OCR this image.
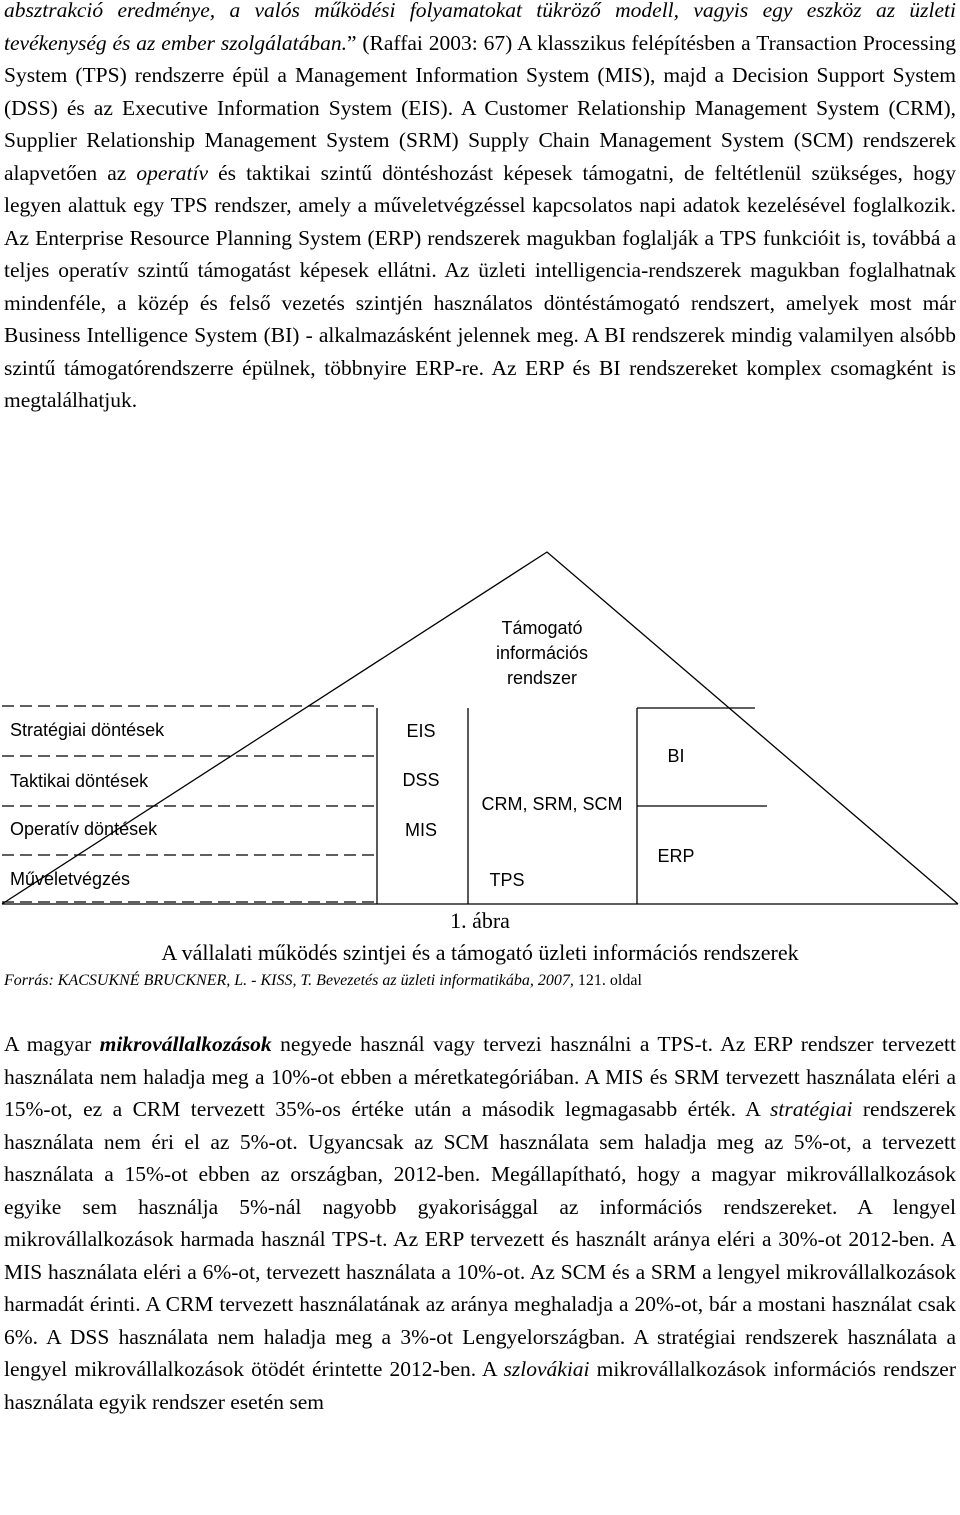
absztrakció eredménye, a valós működési folyamatokat tükröző modell, vagyis egy eszköz az üzleti tevékenység és az ember szolgálatában.” (Raffai 2003: 67) A klasszikus felépítésben a Transaction Processing System (TPS) rendszerre épül a Management Information System (MIS), majd a Decision Support System (DSS) és az Executive Information System (EIS). A Customer Relationship Management System (CRM), Supplier Relationship Management System (SRM) Supply Chain Management System (SCM) rendszerek alapvetően az operatív és taktikai szintű döntéshozást képesek támogatni, de feltétlenül szükséges, hogy legyen alattuk egy TPS rendszer, amely a műveletvégzéssel kapcsolatos napi adatok kezelésével foglalkozik. Az Enterprise Resource Planning System (ERP) rendszerek magukban foglalják a TPS funkcióit is, továbbá a teljes operatív szintű támogatást képesek ellátni. Az üzleti intelligencia-rendszerek magukban foglalhatnak mindenféle, a közép és felső vezetés szintjén használatos döntéstámogató rendszert, amelyek most már Business Intelligence System (BI) - alkalmazásként jelennek meg. A BI rendszerek mindig valamilyen alsóbb szintű támogatórendszerre épülnek, többnyire ERP-re. Az ERP és BI rendszereket komplex csomagként is megtalálhatjuk.

Támogató
információs
rendszer
Stratégiai döntések
Taktikai döntések
Operatív döntések
Műveletvégzés
EIS
DSS
MIS
CRM, SRM, SCM
TPS
BI
ERP

1. ábra

A vállalati működés szintjei és a támogató üzleti információs rendszerek

Forrás: KACSUKNÉ BRUCKNER, L. - KISS, T. Bevezetés az üzleti informatikába, 2007, 121. oldal

A magyar mikrovállalkozások negyede használ vagy tervezi használni a TPS-t. Az ERP rendszer tervezett használata nem haladja meg a 10%-ot ebben a méretkategóriában. A MIS és SRM tervezett használata eléri a 15%-ot, ez a CRM tervezett 35%-os értéke után a második legmagasabb érték. A stratégiai rendszerek használata nem éri el az 5%-ot. Ugyancsak az SCM használata sem haladja meg az 5%-ot, a tervezett használata a 15%-ot ebben az országban, 2012-ben. Megállapítható, hogy a magyar mikrovállalkozások egyike sem használja 5%-nál nagyobb gyakorisággal az információs rendszereket. A lengyel mikrovállalkozások harmada használ TPS-t. Az ERP tervezett és használt aránya eléri a 30%-ot 2012-ben. A MIS használata eléri a 6%-ot, tervezett használata a 10%-ot. Az SCM és a SRM a lengyel mikrovállalkozások harmadát érinti. A CRM tervezett használatának az aránya meghaladja a 20%-ot, bár a mostani használat csak 6%. A DSS használata nem haladja meg a 3%-ot Lengyelországban. A stratégiai rendszerek használata a lengyel mikrovállalkozások ötödét érintette 2012-ben. A szlovákiai mikrovállalkozások információs rendszer használata egyik rendszer esetén sem
